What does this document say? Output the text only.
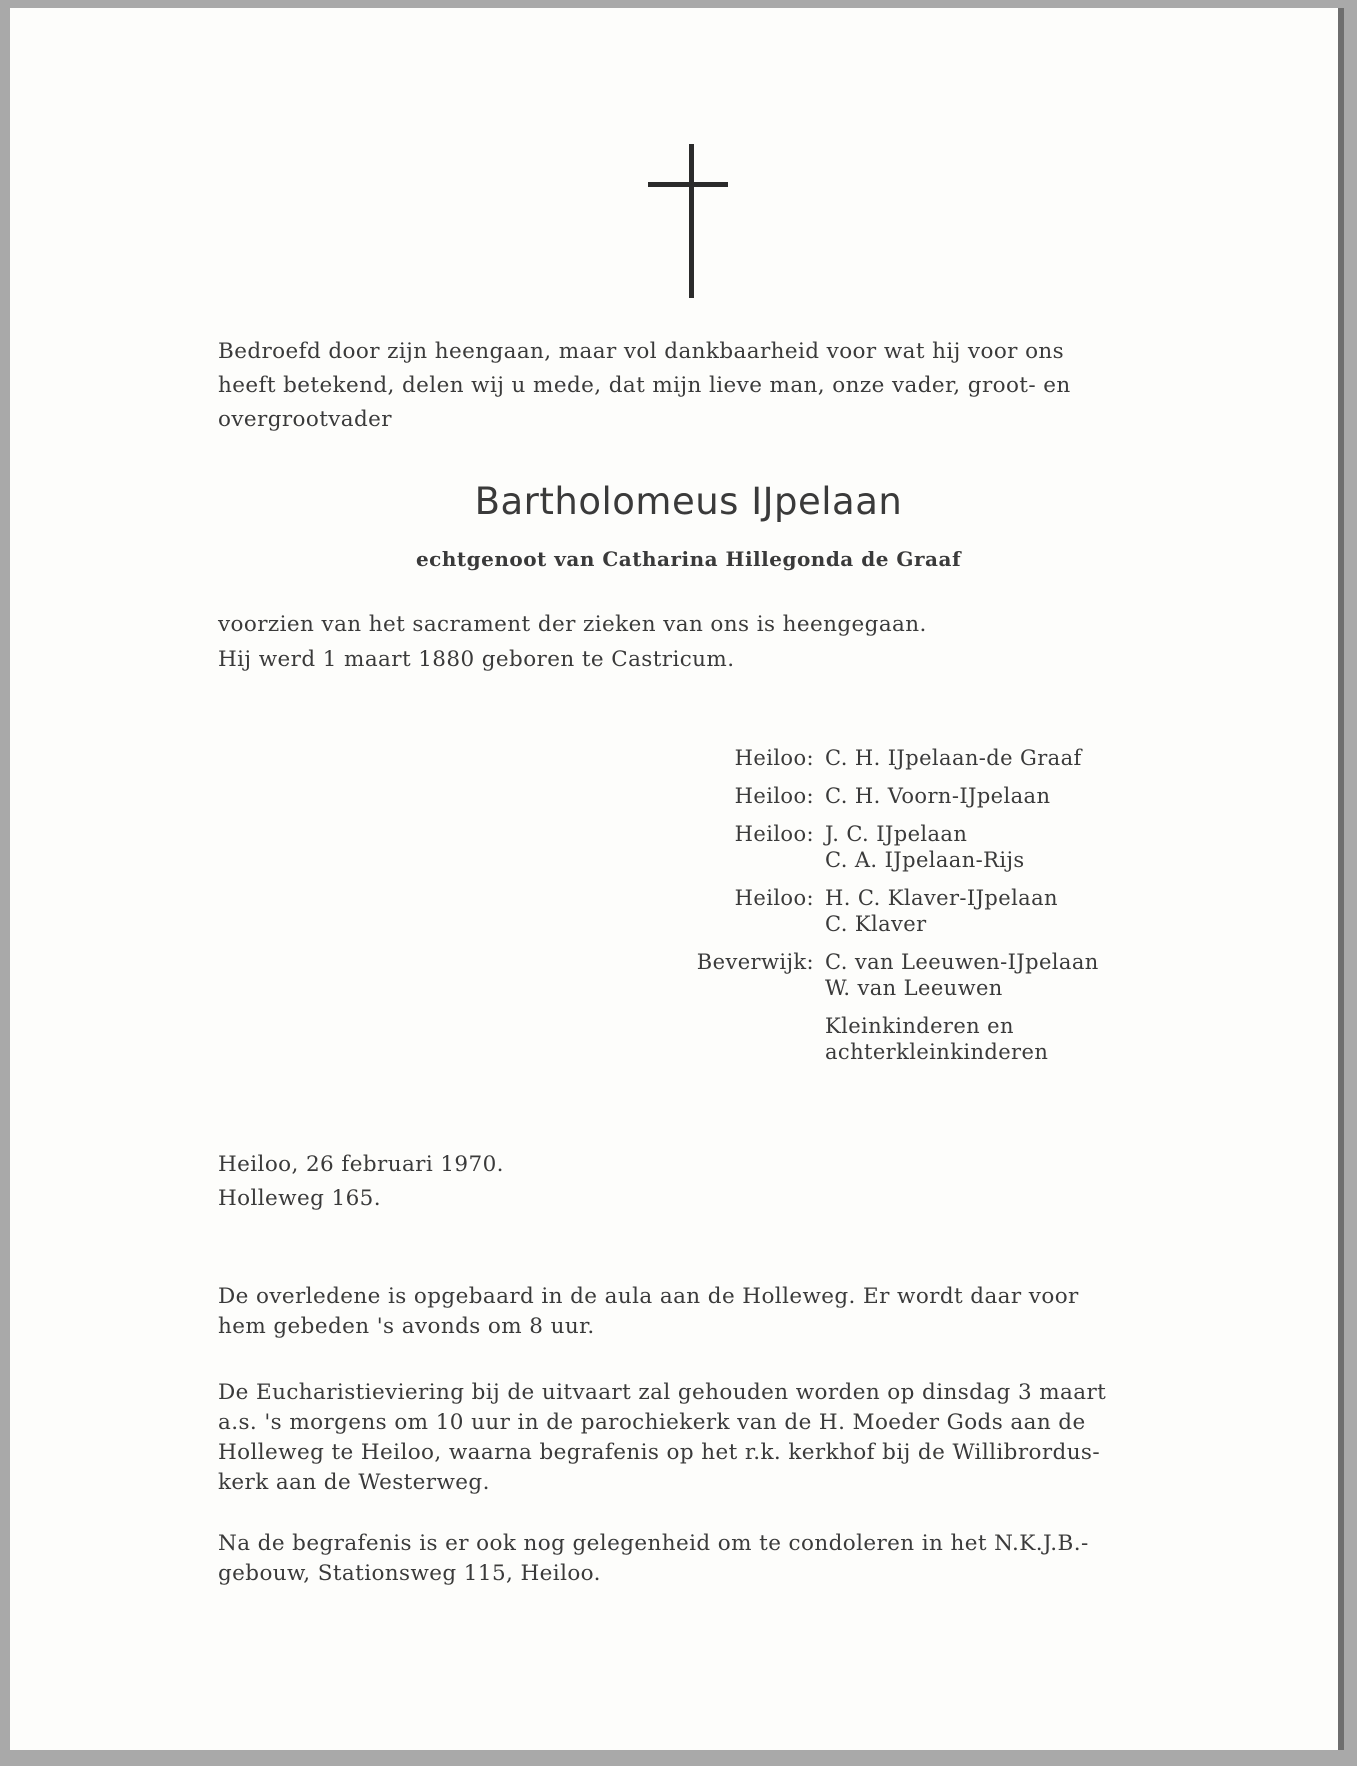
Bedroefd door zijn heengaan, maar vol dankbaarheid voor wat hij voor ons
heeft betekend, delen wij u mede, dat mijn lieve man, onze vader, groot- en
overgrootvader
Bartholomeus IJpelaan
echtgenoot van Catharina Hillegonda de Graaf
voorzien van het sacrament der zieken van ons is heengegaan.
Hij werd 1 maart 1880 geboren te Castricum.
Heiloo: C. H. IJpelaan-de Graaf
Heiloo: C. H. Voorn-IJpelaan
Heiloo: J. C. IJpelaan
C. A. IJpelaan-Rijs
Heiloo: H. C. Klaver-IJpelaan
C. Klaver
Beverwijk: C. van Leeuwen-IJpelaan
W. van Leeuwen
Kleinkinderen en
achterkleinkinderen
Heiloo, 26 februari 1970.
Holleweg 165.
De overledene is opgebaard in de aula aan de Holleweg. Er wordt daar voor
hem gebeden 's avonds om 8 uur.
De Eucharistieviering bij de uitvaart zal gehouden worden op dinsdag 3 maart
a.s. 's morgens om 10 uur in de parochiekerk van de H. Moeder Gods aan de
Holleweg te Heiloo, waarna begrafenis op het r.k. kerkhof bij de Willibrordus-
kerk aan de Westerweg.
Na de begrafenis is er ook nog gelegenheid om te condoleren in het N.K.J.B.-
gebouw, Stationsweg 115, Heiloo.
